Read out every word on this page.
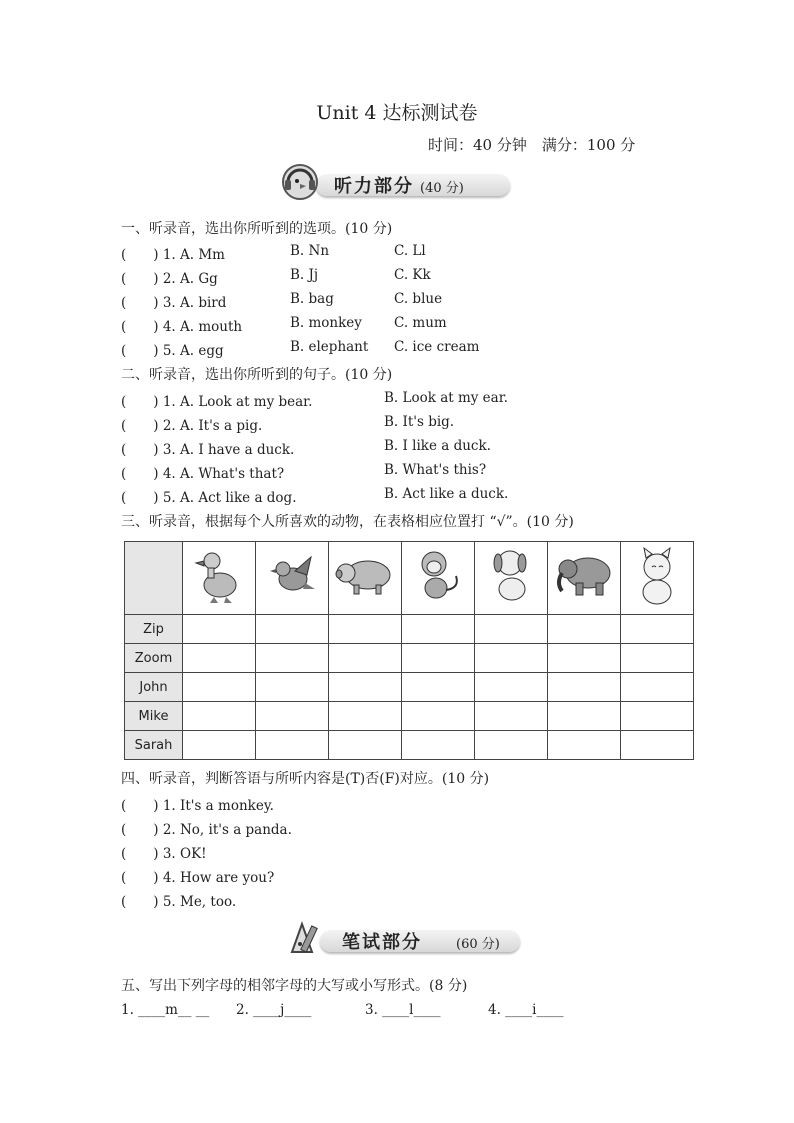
Unit 4 达标测试卷
时间：40 分钟　满分：100 分
听力部分 (40 分)
一、听录音，选出你所听到的选项。(10 分)
(　　) 1. A. Mm	B. Nn	C. Ll
(　　) 2. A. Gg	B. Jj	C. Kk
(　　) 3. A. bird	B. bag	C. blue
(　　) 4. A. mouth	B. monkey C. mum
(　　) 5. A. egg	B. elephant C. ice cream
二、听录音，选出你所听到的句子。(10 分)
(　　) 1. A. Look at my bear.	B. Look at my ear.
(　　) 2. A. It's a pig.	B. It's big.
(　　) 3. A. I have a duck.	B. I like a duck.
(　　) 4. A. What's that?	B. What's this?
(　　) 5. A. Act like a dog.	B. Act like a duck.
三、听录音，根据每个人所喜欢的动物，在表格相应位置打 “√”。(10 分)

Zip							
Zoom							
John							
Mike							
Sarah							
四、听录音，判断答语与所听内容是(T)否(F)对应。(10 分)
(　　) 1. It's a monkey.
(　　) 2. No, it's a panda.
(　　) 3. OK!
(　　) 4. How are you?
(　　) 5. Me, too.
笔试部分	(60 分)
五、写出下列字母的相邻字母的大写或小写形式。(8 分)
1. ____m__ __ 2. ____j____	3. ____l____	4. ____i____
